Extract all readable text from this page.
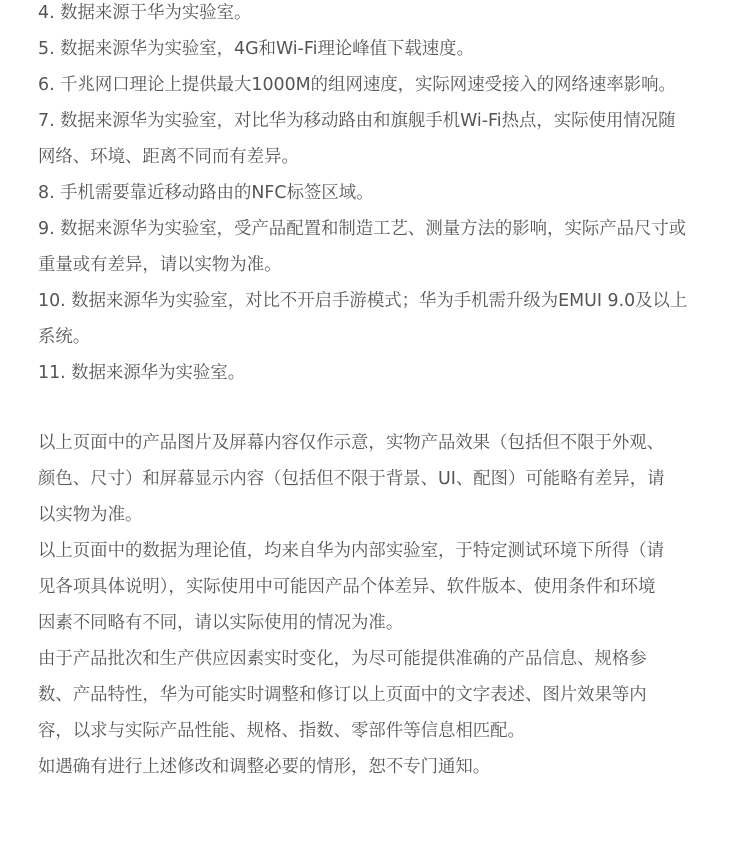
4. 数据来源于华为实验室。
5. 数据来源华为实验室，4G和Wi-Fi理论峰值下载速度。
6. 千兆网口理论上提供最大1000M的组网速度，实际网速受接入的网络速率影响。
7. 数据来源华为实验室，对比华为移动路由和旗舰手机Wi-Fi热点，实际使用情况随
网络、环境、距离不同而有差异。
8. 手机需要靠近移动路由的NFC标签区域。
9. 数据来源华为实验室，受产品配置和制造工艺、测量方法的影响，实际产品尺寸或
重量或有差异，请以实物为准。
10. 数据来源华为实验室，对比不开启手游模式；华为手机需升级为EMUI 9.0及以上
系统。
11. 数据来源华为实验室。
以上页面中的产品图片及屏幕内容仅作示意，实物产品效果（包括但不限于外观、
颜色、尺寸）和屏幕显示内容（包括但不限于背景、UI、配图）可能略有差异，请
以实物为准。
以上页面中的数据为理论值，均来自华为内部实验室，于特定测试环境下所得（请
见各项具体说明），实际使用中可能因产品个体差异、软件版本、使用条件和环境
因素不同略有不同，请以实际使用的情况为准。
由于产品批次和生产供应因素实时变化，为尽可能提供准确的产品信息、规格参
数、产品特性，华为可能实时调整和修订以上页面中的文字表述、图片效果等内
容，以求与实际产品性能、规格、指数、零部件等信息相匹配。
如遇确有进行上述修改和调整必要的情形，恕不专门通知。
